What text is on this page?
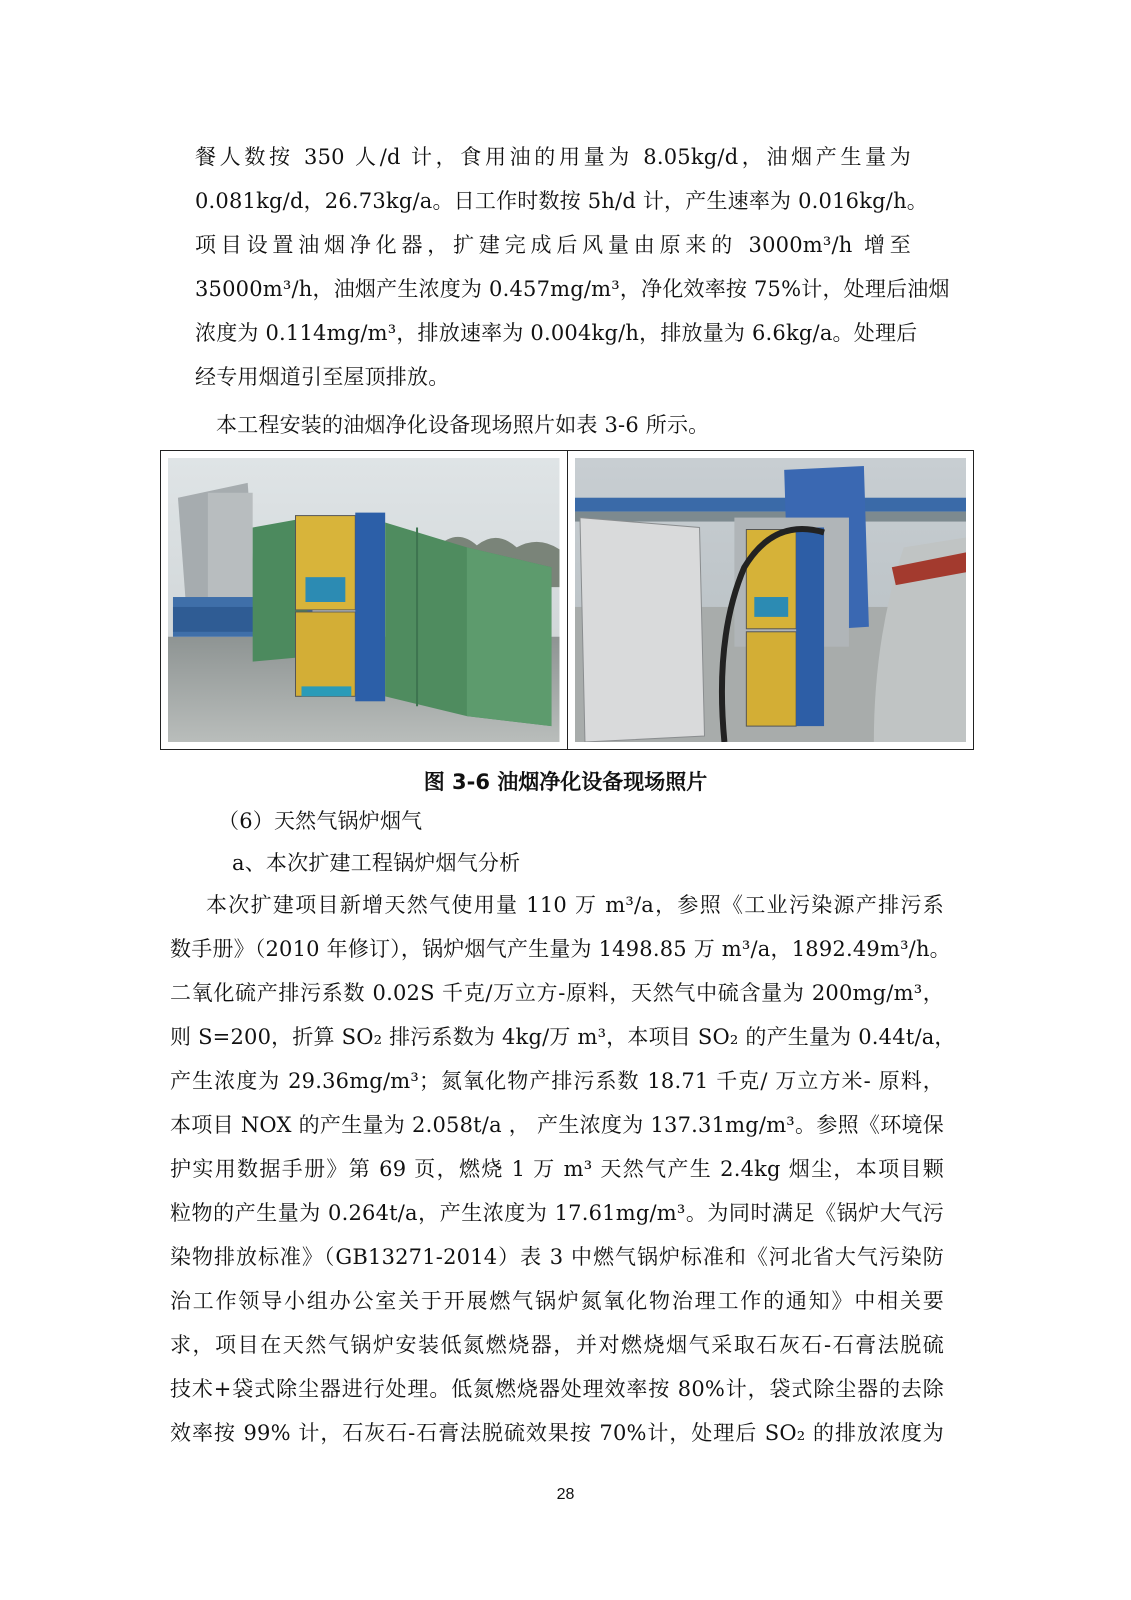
餐人数按 350 人/d 计，食用油的用量为 8.05kg/d，油烟产生量为
0.081kg/d，26.73kg/a。日工作时数按 5h/d 计，产生速率为 0.016kg/h。
项目设置油烟净化器，扩建完成后风量由原来的 3000m³/h 增至
35000m³/h，油烟产生浓度为 0.457mg/m³，净化效率按 75%计，处理后油烟
浓度为 0.114mg/m³，排放速率为 0.004kg/h，排放量为 6.6kg/a。处理后
经专用烟道引至屋顶排放。
本工程安装的油烟净化设备现场照片如表 3-6 所示。
图 3-6 油烟净化设备现场照片
（6）天然气锅炉烟气
a、本次扩建工程锅炉烟气分析
本次扩建项目新增天然气使用量 110 万 m³/a，参照《工业污染源产排污系
数手册》（2010 年修订），锅炉烟气产生量为 1498.85 万 m³/a，1892.49m³/h。
二氧化硫产排污系数 0.02S 千克/万立方-原料，天然气中硫含量为 200mg/m³，
则 S=200，折算 SO₂ 排污系数为 4kg/万 m³，本项目 SO₂ 的产生量为 0.44t/a，
产生浓度为 29.36mg/m³；氮氧化物产排污系数 18.71 千克/ 万立方米- 原料，
本项目 NOX 的产生量为 2.058t/a ， 产生浓度为 137.31mg/m³。参照《环境保
护实用数据手册》第 69 页，燃烧 1 万 m³ 天然气产生 2.4kg 烟尘，本项目颗
粒物的产生量为 0.264t/a，产生浓度为 17.61mg/m³。为同时满足《锅炉大气污
染物排放标准》（GB13271-2014）表 3 中燃气锅炉标准和《河北省大气污染防
治工作领导小组办公室关于开展燃气锅炉氮氧化物治理工作的通知》中相关要
求，项目在天然气锅炉安装低氮燃烧器，并对燃烧烟气采取石灰石-石膏法脱硫
技术+袋式除尘器进行处理。低氮燃烧器处理效率按 80%计，袋式除尘器的去除
效率按 99% 计，石灰石-石膏法脱硫效果按 70%计，处理后 SO₂ 的排放浓度为
28
